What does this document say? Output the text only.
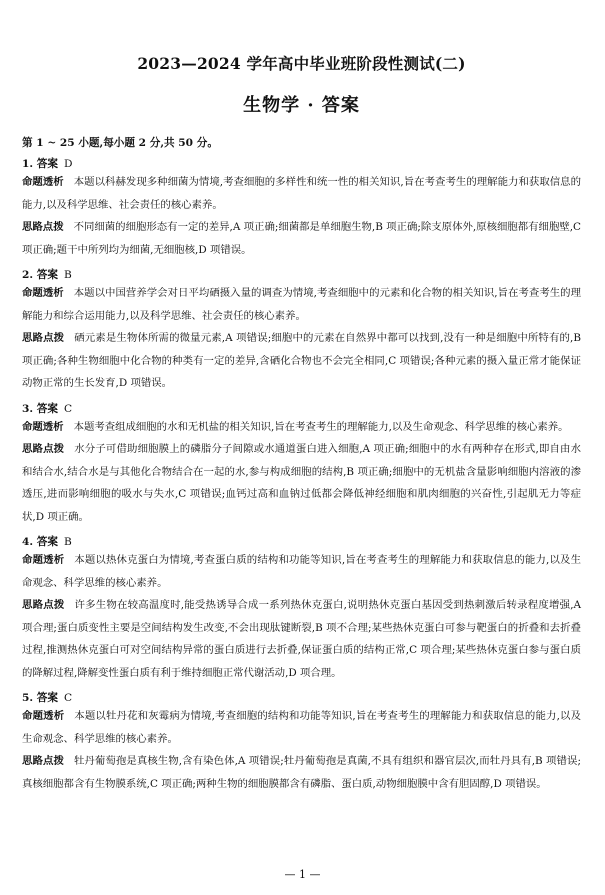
2023—2024 学年高中毕业班阶段性测试(二)
生物学 · 答案
第 1 ~ 25 小题,每小题 2 分,共 50 分。
1. 答案 D
命题透析 本题以科赫发现多种细菌为情境,考查细胞的多样性和统一性的相关知识,旨在考查考生的理解能力和获取信息的能力,以及科学思维、社会责任的核心素养。
思路点拨 不同细菌的细胞形态有一定的差异,A 项正确;细菌都是单细胞生物,B 项正确;除支原体外,原核细胞都有细胞壁,C 项正确;题干中所列均为细菌,无细胞核,D 项错误。
2. 答案 B
命题透析 本题以中国营养学会对日平均硒摄入量的调查为情境,考查细胞中的元素和化合物的相关知识,旨在考查考生的理解能力和综合运用能力,以及科学思维、社会责任的核心素养。
思路点拨 硒元素是生物体所需的微量元素,A 项错误;细胞中的元素在自然界中都可以找到,没有一种是细胞中所特有的,B 项正确;各种生物细胞中化合物的种类有一定的差异,含硒化合物也不会完全相同,C 项错误;各种元素的摄入量正常才能保证动物正常的生长发育,D 项错误。
3. 答案 C
命题透析 本题考查组成细胞的水和无机盐的相关知识,旨在考查考生的理解能力,以及生命观念、科学思维的核心素养。
思路点拨 水分子可借助细胞膜上的磷脂分子间隙或水通道蛋白进入细胞,A 项正确;细胞中的水有两种存在形式,即自由水和结合水,结合水是与其他化合物结合在一起的水,参与构成细胞的结构,B 项正确;细胞中的无机盐含量影响细胞内溶液的渗透压,进而影响细胞的吸水与失水,C 项错误;血钙过高和血钠过低都会降低神经细胞和肌肉细胞的兴奋性,引起肌无力等症状,D 项正确。
4. 答案 B
命题透析 本题以热休克蛋白为情境,考查蛋白质的结构和功能等知识,旨在考查考生的理解能力和获取信息的能力,以及生命观念、科学思维的核心素养。
思路点拨 许多生物在较高温度时,能受热诱导合成一系列热休克蛋白,说明热休克蛋白基因受到热刺激后转录程度增强,A 项合理;蛋白质变性主要是空间结构发生改变,不会出现肽键断裂,B 项不合理;某些热休克蛋白可参与靶蛋白的折叠和去折叠过程,推测热休克蛋白可对空间结构异常的蛋白质进行去折叠,保证蛋白质的结构正常,C 项合理;某些热休克蛋白参与蛋白质的降解过程,降解变性蛋白质有利于维持细胞正常代谢活动,D 项合理。
5. 答案 C
命题透析 本题以牡丹花和灰霉病为情境,考查细胞的结构和功能等知识,旨在考查考生的理解能力和获取信息的能力,以及生命观念、科学思维的核心素养。
思路点拨 牡丹葡萄孢是真核生物,含有染色体,A 项错误;牡丹葡萄孢是真菌,不具有组织和器官层次,而牡丹具有,B 项错误;真核细胞都含有生物膜系统,C 项正确;两种生物的细胞膜都含有磷脂、蛋白质,动物细胞膜中含有胆固醇,D 项错误。
— 1 —
